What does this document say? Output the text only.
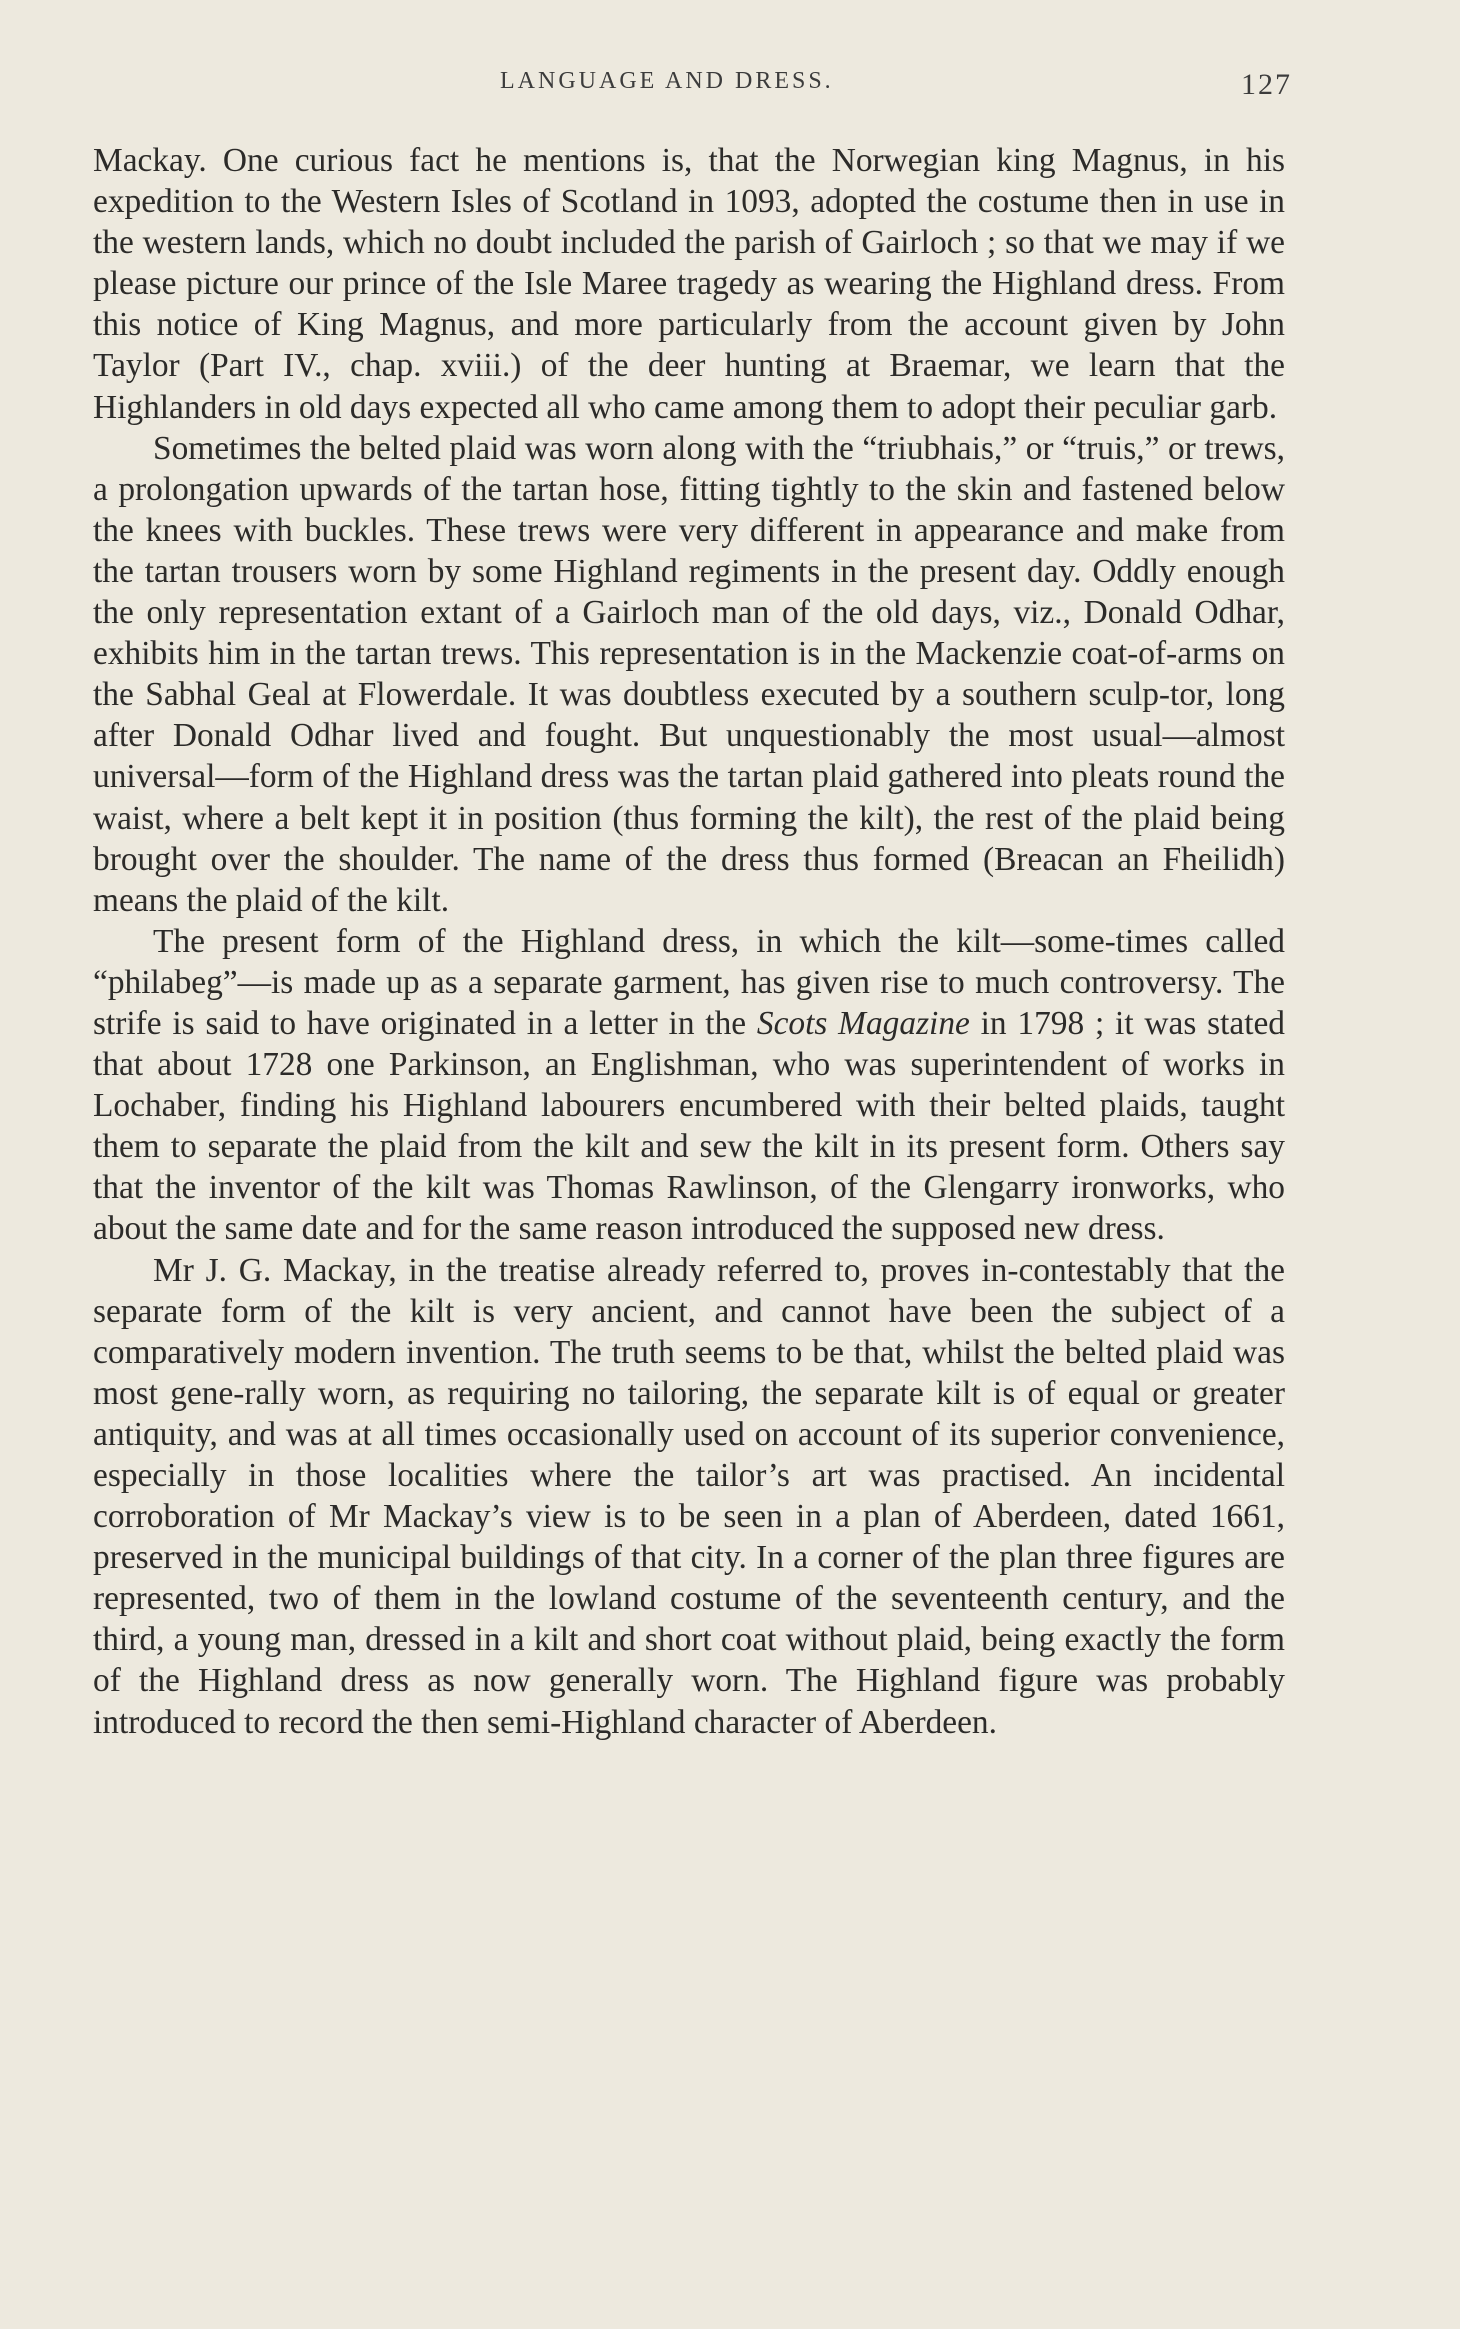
LANGUAGE AND DRESS.	127

Mackay. One curious fact he mentions is, that the Norwegian king Magnus, in his expedition to the Western Isles of Scotland in 1093, adopted the costume then in use in the western lands, which no doubt included the parish of Gairloch ; so that we may if we please picture our prince of the Isle Maree tragedy as wearing the Highland dress. From this notice of King Magnus, and more particularly from the account given by John Taylor (Part IV., chap. xviii.) of the deer hunting at Braemar, we learn that the Highlanders in old days expected all who came among them to adopt their peculiar garb.

Sometimes the belted plaid was worn along with the “triubhais,” or “truis,” or trews, a prolongation upwards of the tartan hose, fitting tightly to the skin and fastened below the knees with buckles. These trews were very different in appearance and make from the tartan trousers worn by some Highland regiments in the present day. Oddly enough the only representation extant of a Gairloch man of the old days, viz., Donald Odhar, exhibits him in the tartan trews. This representation is in the Mackenzie coat-of-arms on the Sabhal Geal at Flowerdale. It was doubtless executed by a southern sculp-tor, long after Donald Odhar lived and fought. But unquestionably the most usual—almost universal—form of the Highland dress was the tartan plaid gathered into pleats round the waist, where a belt kept it in position (thus forming the kilt), the rest of the plaid being brought over the shoulder. The name of the dress thus formed (Breacan an Fheilidh) means the plaid of the kilt.

The present form of the Highland dress, in which the kilt—some-times called “philabeg”—is made up as a separate garment, has given rise to much controversy. The strife is said to have originated in a letter in the Scots Magazine in 1798 ; it was stated that about 1728 one Parkinson, an Englishman, who was superintendent of works in Lochaber, finding his Highland labourers encumbered with their belted plaids, taught them to separate the plaid from the kilt and sew the kilt in its present form. Others say that the inventor of the kilt was Thomas Rawlinson, of the Glengarry ironworks, who about the same date and for the same reason introduced the supposed new dress.

Mr J. G. Mackay, in the treatise already referred to, proves in-contestably that the separate form of the kilt is very ancient, and cannot have been the subject of a comparatively modern invention. The truth seems to be that, whilst the belted plaid was most gene-rally worn, as requiring no tailoring, the separate kilt is of equal or greater antiquity, and was at all times occasionally used on account of its superior convenience, especially in those localities where the tailor’s art was practised. An incidental corroboration of Mr Mackay’s view is to be seen in a plan of Aberdeen, dated 1661, preserved in the municipal buildings of that city. In a corner of the plan three figures are represented, two of them in the lowland costume of the seventeenth century, and the third, a young man, dressed in a kilt and short coat without plaid, being exactly the form of the Highland dress as now generally worn. The Highland figure was probably introduced to record the then semi-Highland character of Aberdeen.
